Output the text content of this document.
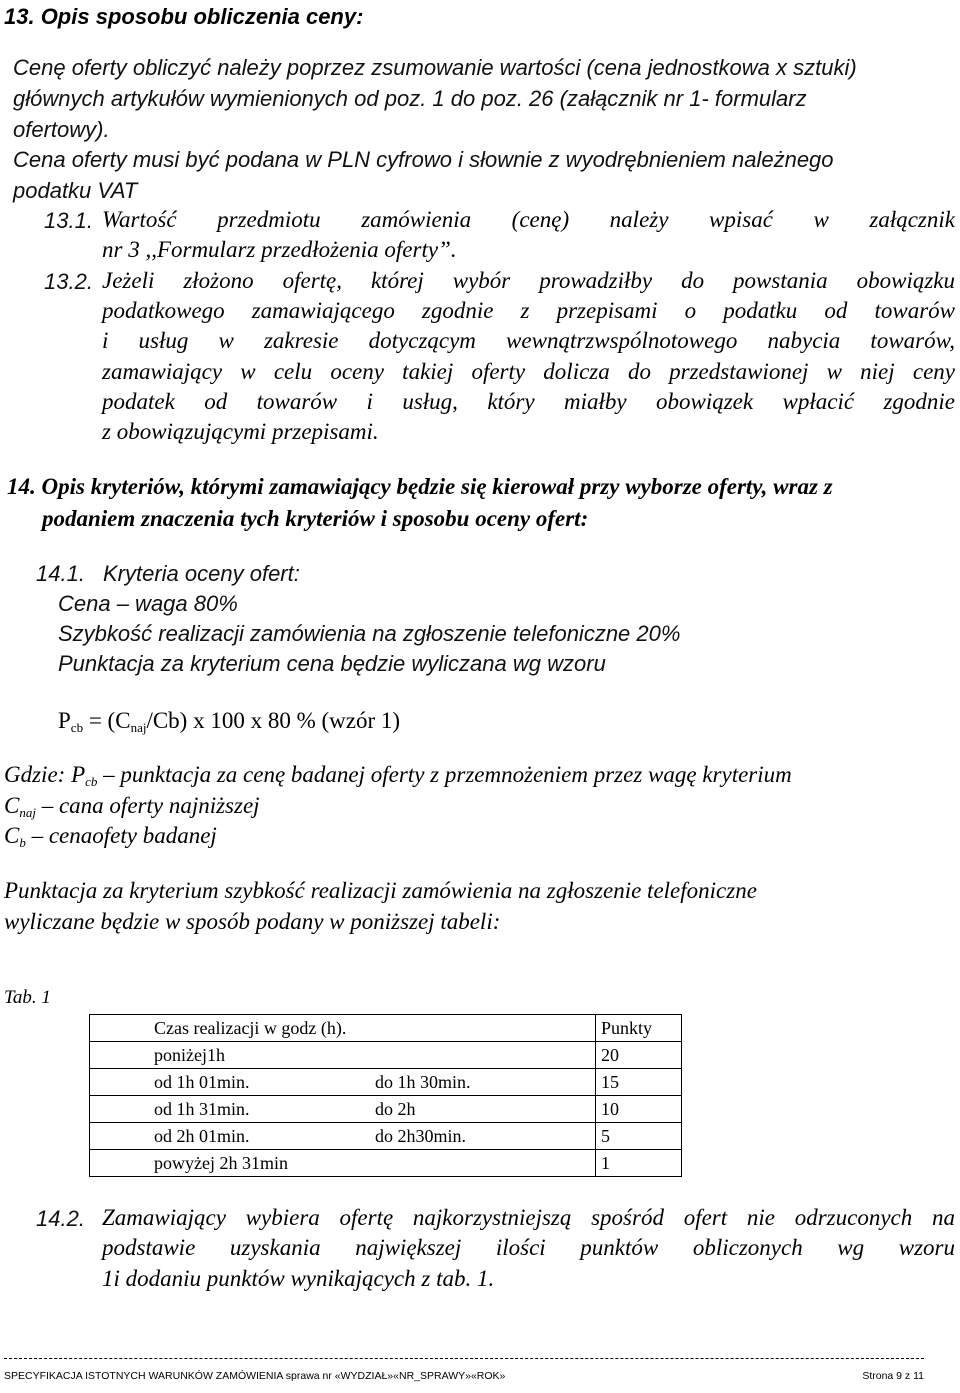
13. Opis sposobu obliczenia ceny:
Cenę oferty obliczyć należy poprzez zsumowanie wartości (cena jednostkowa x sztuki)
głównych artykułów wymienionych od poz. 1 do poz. 26 (załącznik nr 1- formularz
ofertowy).
Cena oferty musi być podana w PLN cyfrowo i słownie z wyodrębnieniem należnego
podatku VAT
13.1. Wartość przedmiotu zamówienia (cenę) należy wpisać w załącznik
nr 3 ,,Formularz przedłożenia oferty”.
13.2. Jeżeli złożono ofertę, której wybór prowadziłby do powstania obowiązku
podatkowego zamawiającego zgodnie z przepisami o podatku od towarów
i usług w zakresie dotyczącym wewnątrzwspólnotowego nabycia towarów,
zamawiający w celu oceny takiej oferty dolicza do przedstawionej w niej ceny
podatek od towarów i usług, który miałby obowiązek wpłacić zgodnie
z obowiązującymi przepisami.
14. Opis kryteriów, którymi zamawiający będzie się kierował przy wyborze oferty, wraz z
podaniem znaczenia tych kryteriów i sposobu oceny ofert:
14.1. Kryteria oceny ofert:
Cena – waga 80%
Szybkość realizacji zamówienia na zgłoszenie telefoniczne 20%
Punktacja za kryterium cena będzie wyliczana wg wzoru
$P_{cb} = (C_{naj}/Cb)$ x 100 x 80 % (wzór 1)
Gdzie: $P_{cb}$ – punktacja za cenę badanej oferty z przemnożeniem przez wagę kryterium
$C_{naj}$ – cana oferty najniższej
$C_b$ – cenaofety badanej
Punktacja za kryterium szybkość realizacji zamówienia na zgłoszenie telefoniczne
wyliczane będzie w sposób podany w poniższej tabeli:
Tab. 1
Czas realizacji w godz (h).		Punkty
poniżej1h		20
od 1h 01min.	do 1h 30min.	15
od 1h 31min.	do 2h	10
od 2h 01min.	do 2h30min.	5
powyżej 2h 31min		1
14.2. Zamawiający wybiera ofertę najkorzystniejszą spośród ofert nie odrzuconych na
podstawie uzyskania największej ilości punktów obliczonych wg wzoru
1i dodaniu punktów wynikających z tab. 1.
SPECYFIKACJA ISTOTNYCH WARUNKÓW ZAMÓWIENIA sprawa nr «WYDZIAŁ»«NR_SPRAWY»«ROK»	Strona 9 z 11
